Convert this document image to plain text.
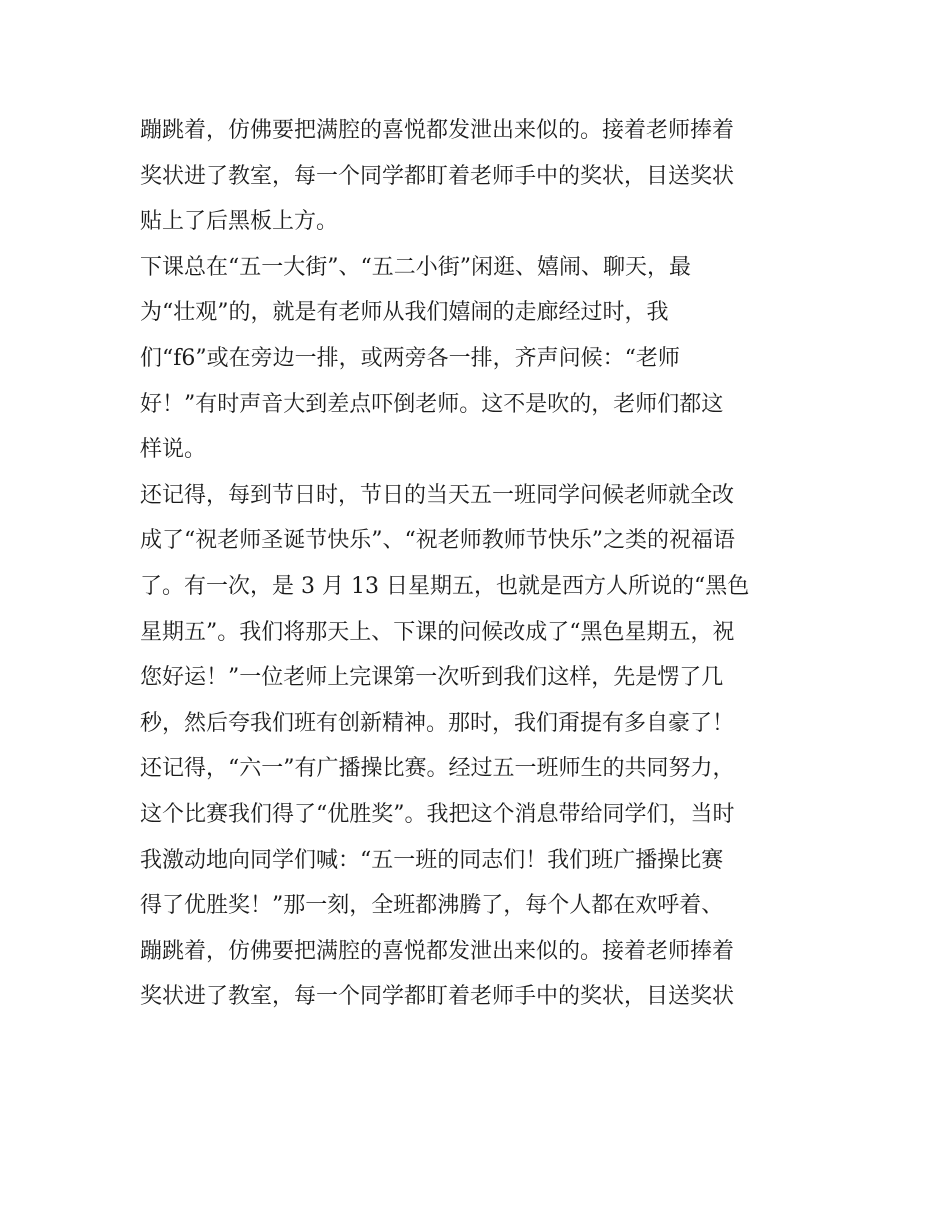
蹦跳着，仿佛要把满腔的喜悦都发泄出来似的。接着老师捧着
奖状进了教室，每一个同学都盯着老师手中的奖状，目送奖状
贴上了后黑板上方。
下课总在“五一大街”、“五二小街”闲逛、嬉闹、聊天，最
为“壮观”的，就是有老师从我们嬉闹的走廊经过时，我
们“f6”或在旁边一排，或两旁各一排，齐声问候：“老师
好！”有时声音大到差点吓倒老师。这不是吹的，老师们都这
样说。
还记得，每到节日时，节日的当天五一班同学问候老师就全改
成了“祝老师圣诞节快乐”、“祝老师教师节快乐”之类的祝福语
了。有一次，是 3 月 13 日星期五，也就是西方人所说的“黑色
星期五”。我们将那天上、下课的问候改成了“黑色星期五，祝
您好运！”一位老师上完课第一次听到我们这样，先是愣了几
秒，然后夸我们班有创新精神。那时，我们甭提有多自豪了！
还记得，“六一”有广播操比赛。经过五一班师生的共同努力，
这个比赛我们得了“优胜奖”。我把这个消息带给同学们，当时
我激动地向同学们喊：“五一班的同志们！我们班广播操比赛
得了优胜奖！”那一刻，全班都沸腾了，每个人都在欢呼着、
蹦跳着，仿佛要把满腔的喜悦都发泄出来似的。接着老师捧着
奖状进了教室，每一个同学都盯着老师手中的奖状，目送奖状
